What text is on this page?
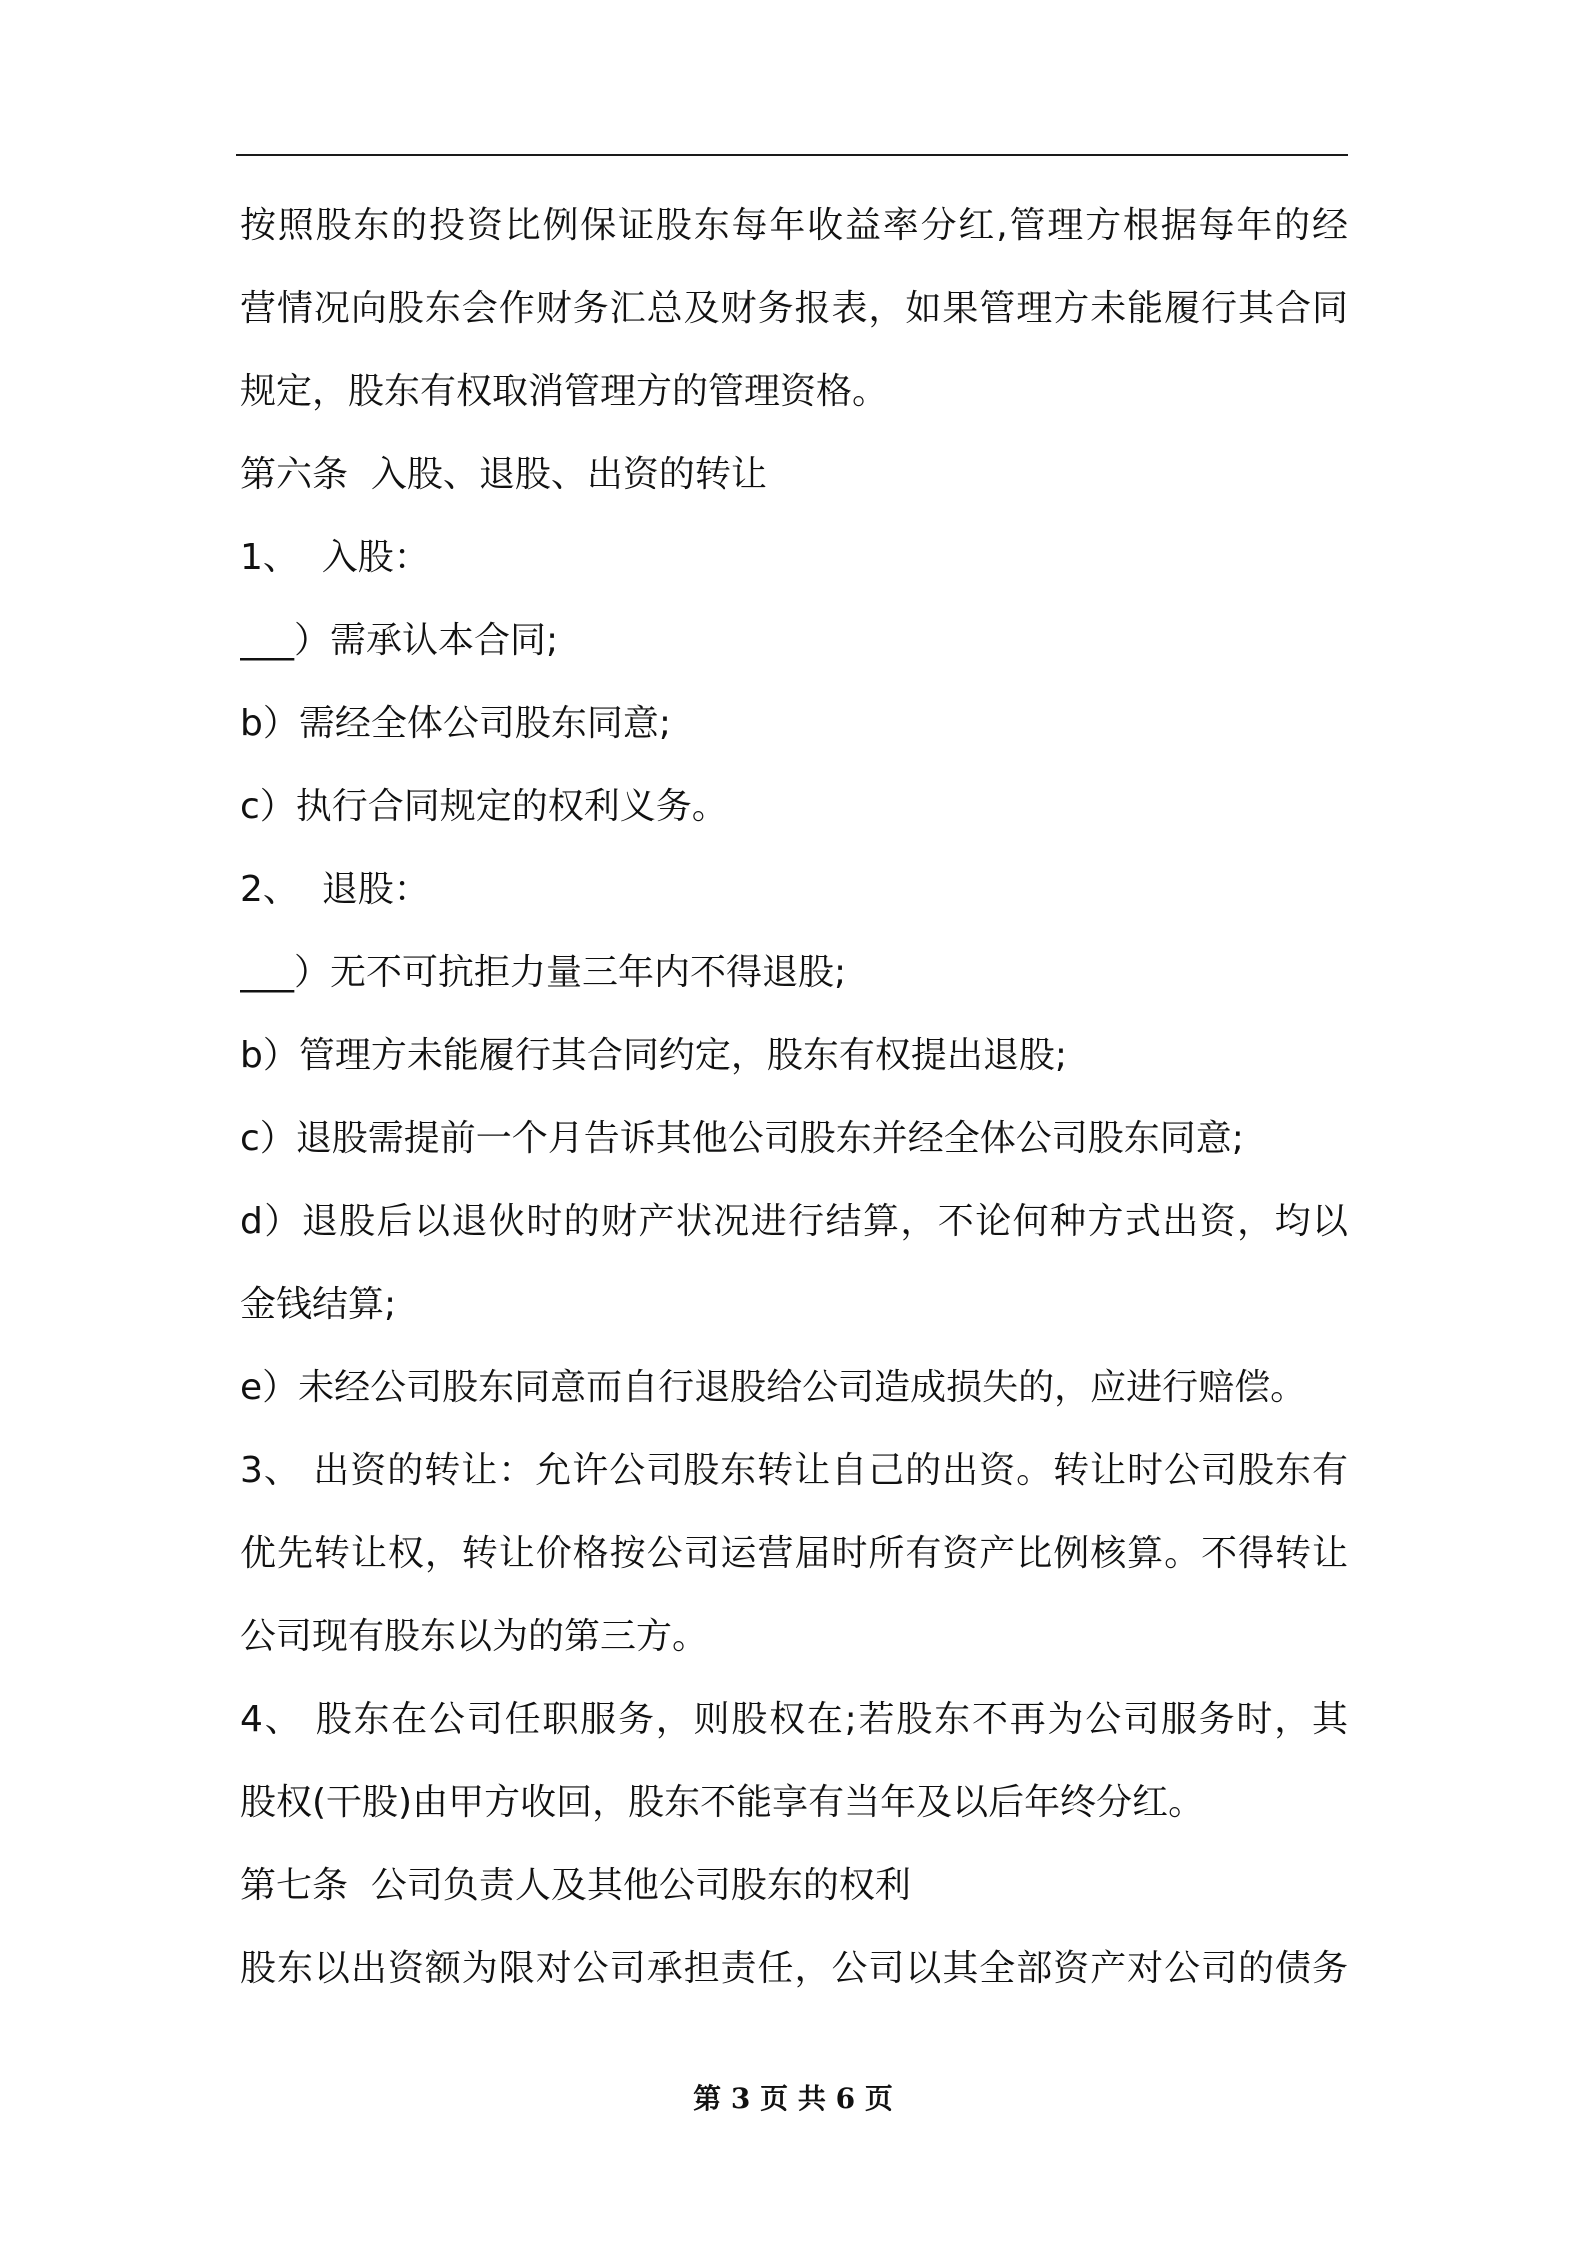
按照股东的投资比例保证股东每年收益率分红,管理方根据每年的经
营情况向股东会作财务汇总及财务报表，如果管理方未能履行其合同
规定，股东有权取消管理方的管理资格。
第六条  入股、退股、出资的转让
1、  入股：
___）需承认本合同;
b）需经全体公司股东同意;
c）执行合同规定的权利义务。
2、  退股：
___）无不可抗拒力量三年内不得退股;
b）管理方未能履行其合同约定，股东有权提出退股;
c）退股需提前一个月告诉其他公司股东并经全体公司股东同意;
d）退股后以退伙时的财产状况进行结算，不论何种方式出资，均以
金钱结算;
e）未经公司股东同意而自行退股给公司造成损失的，应进行赔偿。
3、 出资的转让：允许公司股东转让自己的出资。转让时公司股东有
优先转让权，转让价格按公司运营届时所有资产比例核算。不得转让
公司现有股东以为的第三方。
4、 股东在公司任职服务，则股权在;若股东不再为公司服务时，其
股权(干股)由甲方收回，股东不能享有当年及以后年终分红。
第七条  公司负责人及其他公司股东的权利
股东以出资额为限对公司承担责任，公司以其全部资产对公司的债务
第 3 页 共 6 页
